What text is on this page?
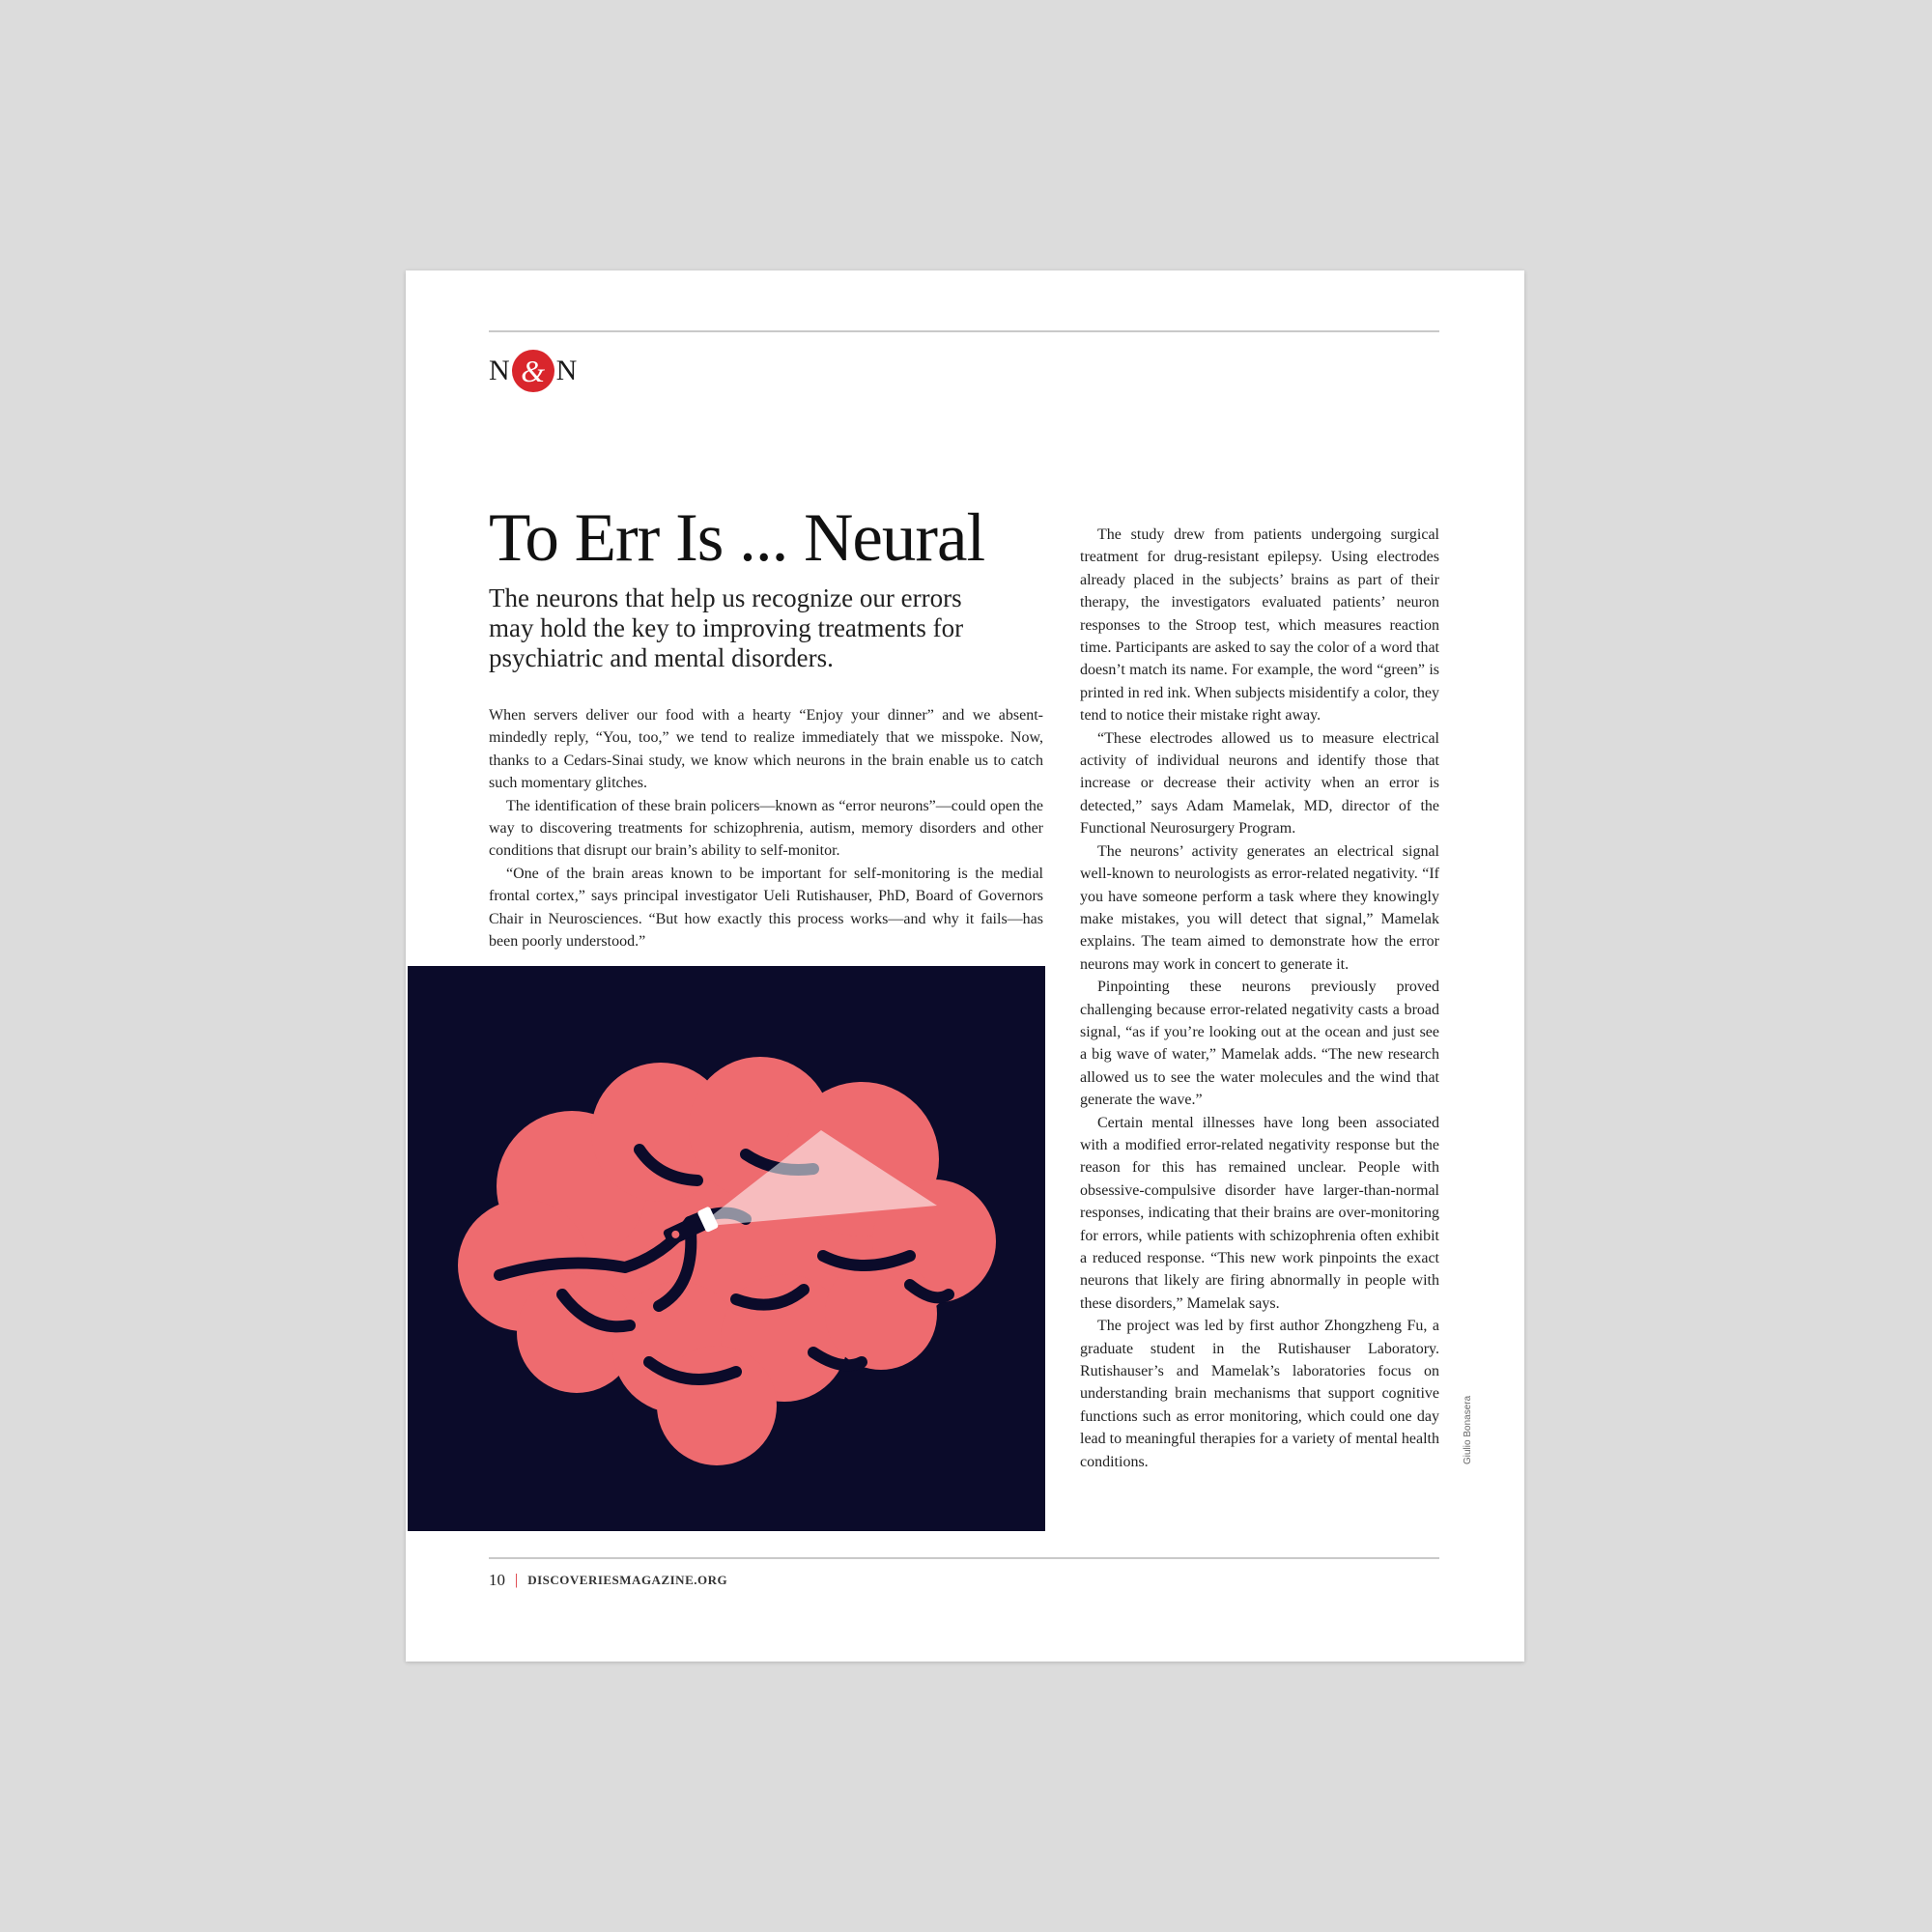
N & N
To Err Is ... Neural

The neurons that help us recognize our errors may hold the key to improving treatments for psychiatric and mental disorders.

When servers deliver our food with a hearty “Enjoy your dinner” and we absent-mindedly reply, “You, too,” we tend to realize immediately that we misspoke. Now, thanks to a Cedars-Sinai study, we know which neurons in the brain enable us to catch such momentary glitches.

The identification of these brain policers—known as “error neurons”—could open the way to discovering treatments for schizophrenia, autism, memory disorders and other conditions that disrupt our brain’s ability to self-monitor.

“One of the brain areas known to be important for self-monitoring is the medial frontal cortex,” says principal investigator Ueli Rutishauser, PhD, Board of Governors Chair in Neurosciences. “But how exactly this process works—and why it fails—has been poorly understood.”

The study drew from patients undergoing surgical treatment for drug-resistant epilepsy. Using electrodes already placed in the subjects’ brains as part of their therapy, the investigators evaluated patients’ neuron responses to the Stroop test, which measures reaction time. Participants are asked to say the color of a word that doesn’t match its name. For example, the word “green” is printed in red ink. When subjects misidentify a color, they tend to notice their mistake right away.

“These electrodes allowed us to measure electrical activity of individual neurons and identify those that increase or decrease their activity when an error is detected,” says Adam Mamelak, MD, director of the Functional Neurosurgery Program.

The neurons’ activity generates an electrical signal well-known to neurologists as error-related negativity. “If you have someone perform a task where they knowingly make mistakes, you will detect that signal,” Mamelak explains. The team aimed to demonstrate how the error neurons may work in concert to generate it.

Pinpointing these neurons previously proved challenging because error-related negativity casts a broad signal, “as if you’re looking out at the ocean and just see a big wave of water,” Mamelak adds. “The new research allowed us to see the water molecules and the wind that generate the wave.”

Certain mental illnesses have long been associated with a modified error-related negativity response but the reason for this has remained unclear. People with obsessive-compulsive disorder have larger-than-normal responses, indicating that their brains are over-monitoring for errors, while patients with schizophrenia often exhibit a reduced response. “This new work pinpoints the exact neurons that likely are firing abnormally in people with these disorders,” Mamelak says.

The project was led by first author Zhongzheng Fu, a graduate student in the Rutishauser Laboratory. Rutishauser’s and Mamelak’s laboratories focus on understanding brain mechanisms that support cognitive functions such as error monitoring, which could one day lead to meaningful therapies for a variety of mental health conditions.	Giulio Bonasera
10 | DISCOVERIESMAGAZINE.ORG
